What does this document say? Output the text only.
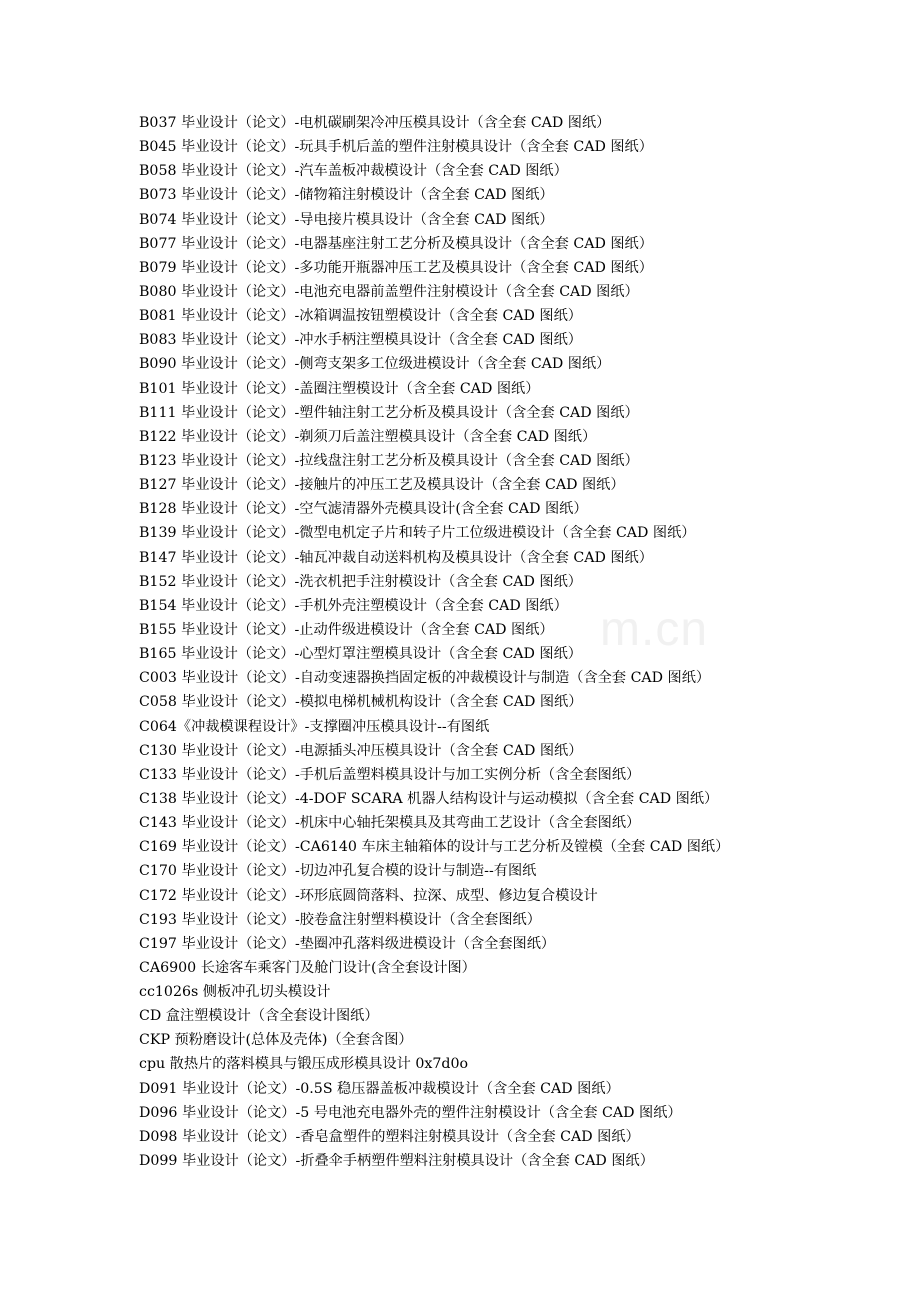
m.cn
B037 毕业设计（论文）-电机碳刷架冷冲压模具设计（含全套 CAD 图纸）
B045 毕业设计（论文）-玩具手机后盖的塑件注射模具设计（含全套 CAD 图纸）
B058 毕业设计（论文）-汽车盖板冲裁模设计（含全套 CAD 图纸）
B073 毕业设计（论文）-储物箱注射模设计（含全套 CAD 图纸）
B074 毕业设计（论文）-导电接片模具设计（含全套 CAD 图纸）
B077 毕业设计（论文）-电器基座注射工艺分析及模具设计（含全套 CAD 图纸）
B079 毕业设计（论文）-多功能开瓶器冲压工艺及模具设计（含全套 CAD 图纸）
B080 毕业设计（论文）-电池充电器前盖塑件注射模设计（含全套 CAD 图纸）
B081 毕业设计（论文）-冰箱调温按钮塑模设计（含全套 CAD 图纸）
B083 毕业设计（论文）-冲水手柄注塑模具设计（含全套 CAD 图纸）
B090 毕业设计（论文）-侧弯支架多工位级进模设计（含全套 CAD 图纸）
B101 毕业设计（论文）-盖圈注塑模设计（含全套 CAD 图纸）
B111 毕业设计（论文）-塑件轴注射工艺分析及模具设计（含全套 CAD 图纸）
B122 毕业设计（论文）-剃须刀后盖注塑模具设计（含全套 CAD 图纸）
B123 毕业设计（论文）-拉线盘注射工艺分析及模具设计（含全套 CAD 图纸）
B127 毕业设计（论文）-接触片的冲压工艺及模具设计（含全套 CAD 图纸）
B128 毕业设计（论文）-空气滤清器外壳模具设计(含全套 CAD 图纸）
B139 毕业设计（论文）-微型电机定子片和转子片工位级进模设计（含全套 CAD 图纸）
B147 毕业设计（论文）-轴瓦冲裁自动送料机构及模具设计（含全套 CAD 图纸）
B152 毕业设计（论文）-洗衣机把手注射模设计（含全套 CAD 图纸）
B154 毕业设计（论文）-手机外壳注塑模设计（含全套 CAD 图纸）
B155 毕业设计（论文）-止动件级进模设计（含全套 CAD 图纸）
B165 毕业设计（论文）-心型灯罩注塑模具设计（含全套 CAD 图纸）
C003 毕业设计（论文）-自动变速器换挡固定板的冲裁模设计与制造（含全套 CAD 图纸）
C058 毕业设计（论文）-模拟电梯机械机构设计（含全套 CAD 图纸）
C064《冲裁模课程设计》-支撑圈冲压模具设计--有图纸
C130 毕业设计（论文）-电源插头冲压模具设计（含全套 CAD 图纸）
C133 毕业设计（论文）-手机后盖塑料模具设计与加工实例分析（含全套图纸）
C138 毕业设计（论文）-4-DOF SCARA 机器人结构设计与运动模拟（含全套 CAD 图纸）
C143 毕业设计（论文）-机床中心轴托架模具及其弯曲工艺设计（含全套图纸）
C169 毕业设计（论文）-CA6140 车床主轴箱体的设计与工艺分析及镗模（全套 CAD 图纸）
C170 毕业设计（论文）-切边冲孔复合模的设计与制造--有图纸
C172 毕业设计（论文）-环形底圆筒落料、拉深、成型、修边复合模设计
C193 毕业设计（论文）-胶卷盒注射塑料模设计（含全套图纸）
C197 毕业设计（论文）-垫圈冲孔落料级进模设计（含全套图纸）
CA6900 长途客车乘客门及舱门设计(含全套设计图）
cc1026s 侧板冲孔切头模设计
CD 盒注塑模设计（含全套设计图纸）
CKP 预粉磨设计(总体及壳体)（全套含图）
cpu 散热片的落料模具与锻压成形模具设计 0x7d0o
D091 毕业设计（论文）-0.5S 稳压器盖板冲裁模设计（含全套 CAD 图纸）
D096 毕业设计（论文）-5 号电池充电器外壳的塑件注射模设计（含全套 CAD 图纸）
D098 毕业设计（论文）-香皂盒塑件的塑料注射模具设计（含全套 CAD 图纸）
D099 毕业设计（论文）-折叠伞手柄塑件塑料注射模具设计（含全套 CAD 图纸）
